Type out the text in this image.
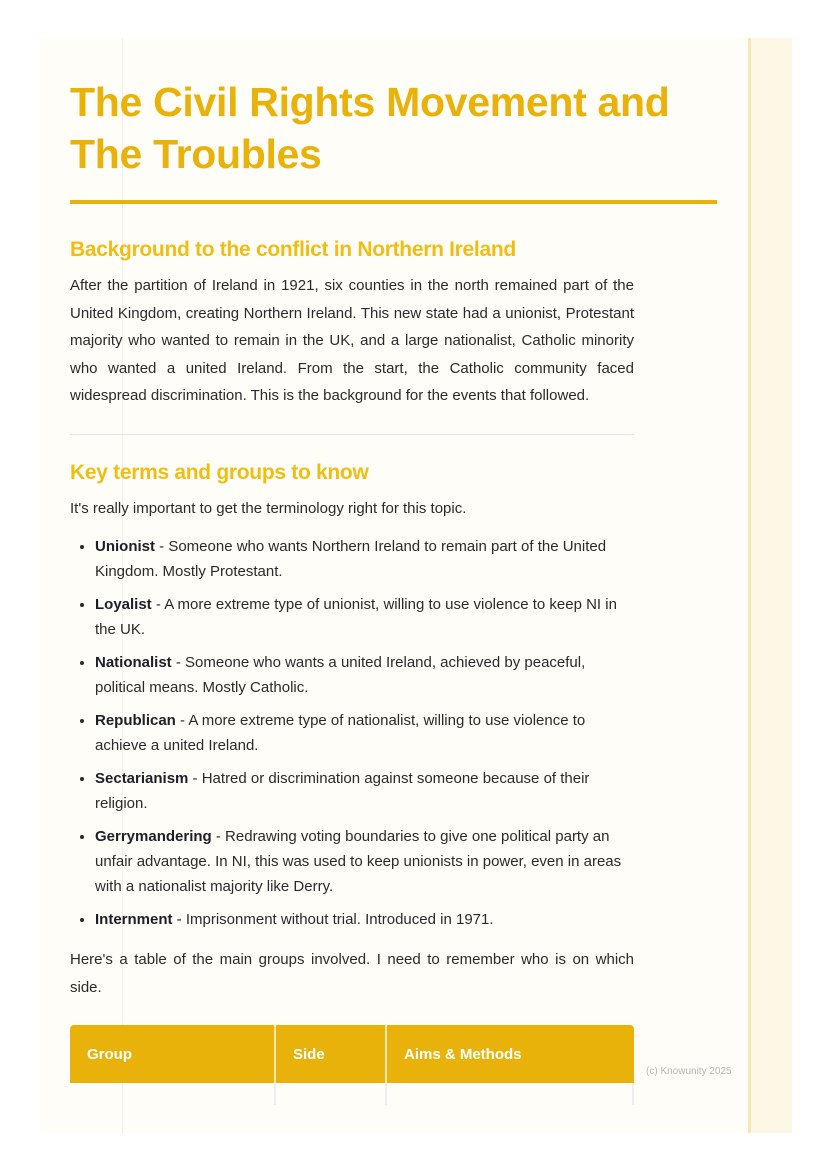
The Civil Rights Movement and The Troubles
Background to the conflict in Northern Ireland

After the partition of Ireland in 1921, six counties in the north remained part of the United Kingdom, creating Northern Ireland. This new state had a unionist, Protestant majority who wanted to remain in the UK, and a large nationalist, Catholic minority who wanted a united Ireland. From the start, the Catholic community faced widespread discrimination. This is the background for the events that followed.

Key terms and groups to know

It's really important to get the terminology right for this topic.

• Unionist - Someone who wants Northern Ireland to remain part of the United Kingdom. Mostly Protestant.
• Loyalist - A more extreme type of unionist, willing to use violence to keep NI in the UK.
• Nationalist - Someone who wants a united Ireland, achieved by peaceful, political means. Mostly Catholic.
• Republican - A more extreme type of nationalist, willing to use violence to achieve a united Ireland.
• Sectarianism - Hatred or discrimination against someone because of their religion.
• Gerrymandering - Redrawing voting boundaries to give one political party an unfair advantage. In NI, this was used to keep unionists in power, even in areas with a nationalist majority like Derry.
• Internment - Imprisonment without trial. Introduced in 1971.

Here's a table of the main groups involved. I need to remember who is on which side.

Group	Side	Aims & Methods

(c) Knowunity 2025
